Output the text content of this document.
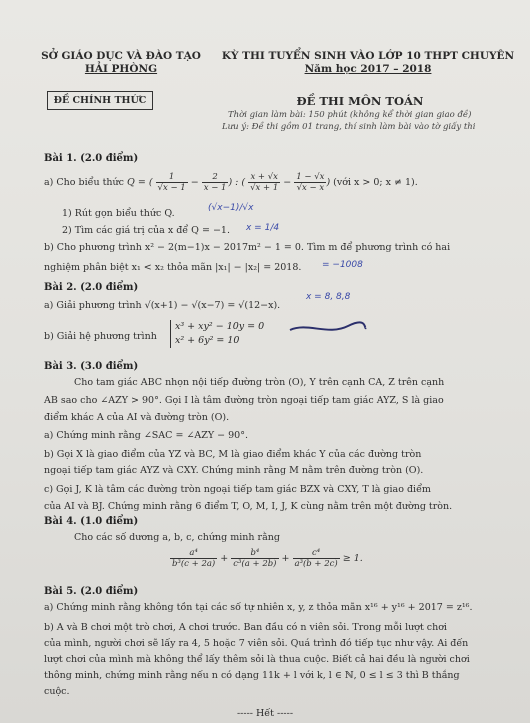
SỞ GIÁO DỤC VÀ ĐÀO TẠO
HẢI PHÒNG
KỲ THI TUYỂN SINH VÀO LỚP 10 THPT CHUYÊN
Năm học 2017 – 2018
ĐỀ CHÍNH THỨC	ĐỀ THI MÔN TOÁN
Thời gian làm bài: 150 phút (không kể thời gian giao đề)
Lưu ý: Đề thi gồm 01 trang, thí sinh làm bài vào tờ giấy thi
Bài 1. (2.0 điểm)
a) Cho biểu thức Q = ( $\frac{1}{√x - 1} - \frac{2}{x - 1}$ ) : ( $\frac{x + √x}{√x + 1} - \frac{1 - √x}{√x - x}$ ) (với x > 0; x ≠ 1).
1) Rút gọn biểu thức Q.	(√x−1)/√x
2) Tìm các giá trị của x để Q = −1. x = 1/4
b) Cho phương trình x² − 2(m−1)x − 2017m² − 1 = 0. Tìm m để phương trình có hai
nghiệm phân biệt x₁ < x₂ thỏa mãn |x₁| − |x₂| = 2018. = −1008
Bài 2. (2.0 điểm)
a) Giải phương trình √(x+1) − √(x−7) = √(12−x).
x = 8, 8,8
b) Giải hệ phương trình
x³ + xy² − 10y = 0
x² + 6y² = 10
Bài 3. (3.0 điểm)
Cho tam giác ABC nhọn nội tiếp đường tròn (O), Y trên cạnh CA, Z trên cạnh
AB sao cho ∠AZY > 90°. Gọi I là tâm đường tròn ngoại tiếp tam giác AYZ, S là giao
điểm khác A của AI và đường tròn (O).
a) Chứng minh rằng ∠SAC = ∠AZY − 90°.
b) Gọi X là giao điểm của YZ và BC, M là giao điểm khác Y của các đường tròn
ngoại tiếp tam giác AYZ và CXY. Chứng minh rằng M nằm trên đường tròn (O).
c) Gọi J, K là tâm các đường tròn ngoại tiếp tam giác BZX và CXY, T là giao điểm
của AI và BJ. Chứng minh rằng 6 điểm T, O, M, I, J, K cùng nằm trên một đường tròn.
Bài 4. (1.0 điểm)
Cho các số dương a, b, c, chứng minh rằng
$\frac{\text{a⁴}}{\text{b³(c + 2a)}} + \frac{\text{b⁴}}{\text{c³(a + 2b)}} + \frac{\text{c⁴}}{\text{a³(b + 2c)}} \ge 1$.
Bài 5. (2.0 điểm)
a) Chứng minh rằng không tồn tại các số tự nhiên x, y, z thỏa mãn x¹⁶ + y¹⁶ + 2017 = z¹⁶.
b) A và B chơi một trò chơi, A chơi trước. Ban đầu có n viên sỏi. Trong mỗi lượt chơi
của mình, người chơi sẽ lấy ra 4, 5 hoặc 7 viên sỏi. Quá trình đó tiếp tục như vậy. Ai đến
lượt chơi của mình mà không thể lấy thêm sỏi là thua cuộc. Biết cả hai đều là người chơi
thông minh, chứng minh rằng nếu n có dạng 11k + l với k, l ∈ ℕ, 0 ≤ l ≤ 3 thì B thắng
cuộc.
----- Hết -----
